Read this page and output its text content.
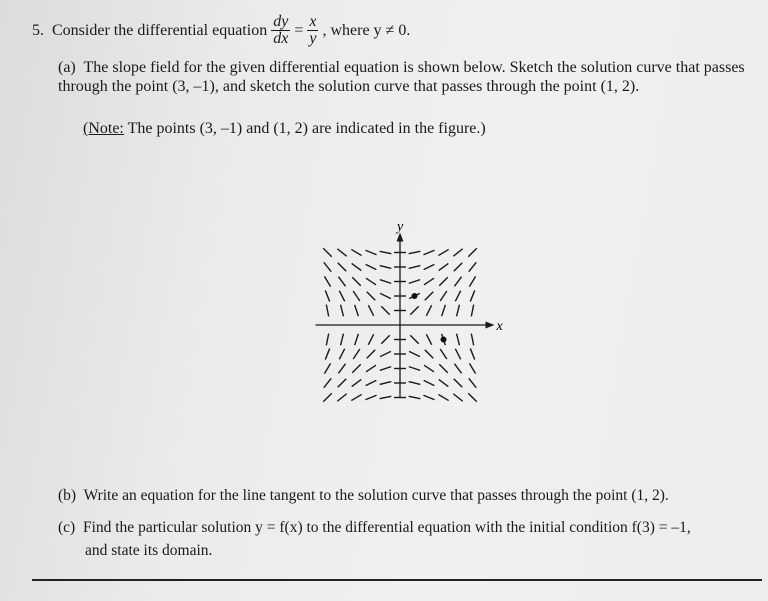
5.
Consider the differential equation $\frac{dy}{dx} = \frac{x}{y}$ , where y ≠ 0.
(a) The slope field for the given differential equation is shown below. Sketch the solution curve that passes through the point (3, –1), and sketch the solution curve that passes through the point (1, 2).
(Note: The points (3, –1) and (1, 2) are indicated in the figure.)
x
y
(b) Write an equation for the line tangent to the solution curve that passes through the point (1, 2).
(c) Find the particular solution y = f(x) to the differential equation with the initial condition f(3) = –1,
and state its domain.
